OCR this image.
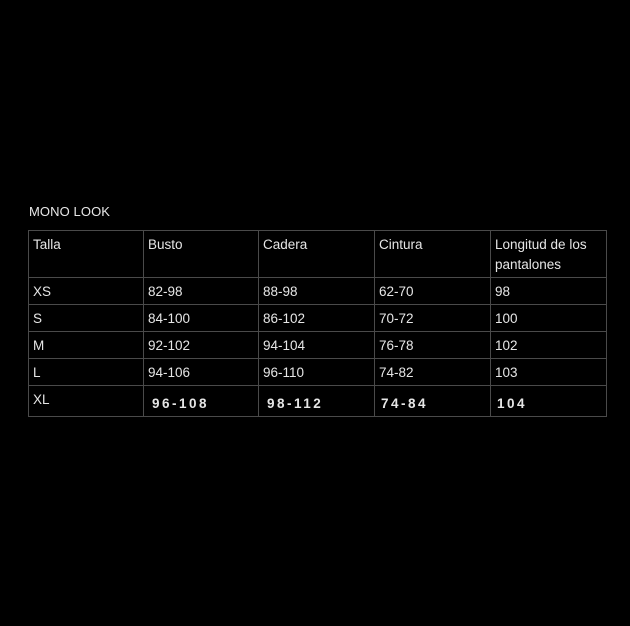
MONO LOOK
Talla	Busto	Cadera	Cintura	Longitud de los pantalones
XS	82-98	88-98	62-70	98
S	84-100	86-102	70-72	100
M	92-102	94-104	76-78	102
L	94-106	96-110	74-82	103
XL	96-108	98-112	74-84	104
